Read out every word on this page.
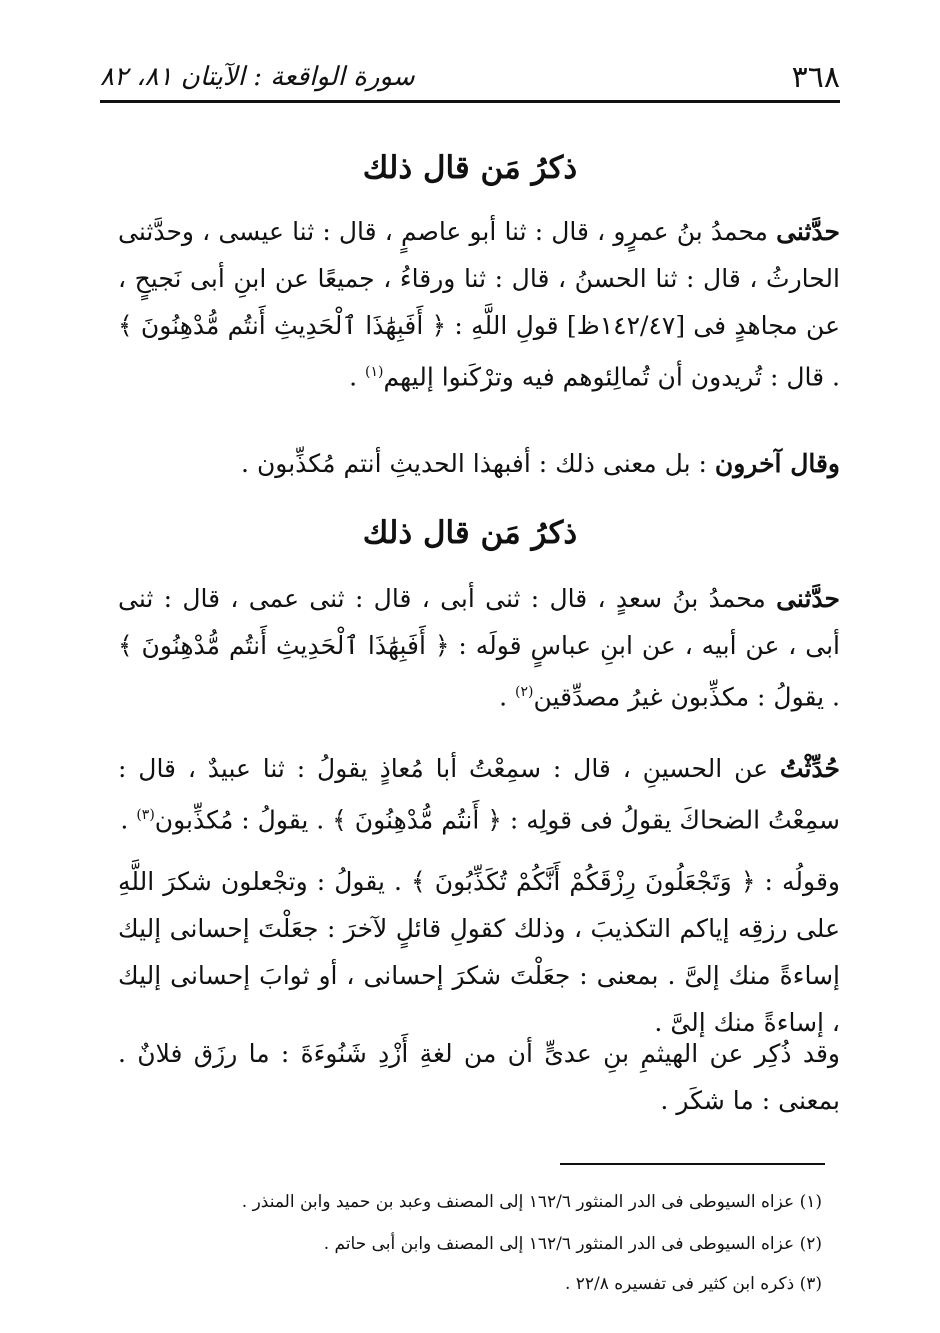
٣٦٨
سورة الواقعة : الآيتان ٨١، ٨٢
ذكرُ مَن قال ذلك

حدَّثنى محمدُ بنُ عمرٍو ، قال : ثنا أبو عاصمٍ ، قال : ثنا عيسى ، وحدَّثنى الحارثُ ، قال : ثنا الحسنُ ، قال : ثنا ورقاءُ ، جميعًا عن ابنِ أبى نَجيحٍ ، عن مجاهدٍ فى [١٤٢/٤٧ظ] قولِ اللَّهِ : ﴿ أَفَبِهَٰذَا ٱلْحَدِيثِ أَنتُم مُّدْهِنُونَ ﴾ . قال : تُريدون أن تُمالِئوهم فيه وترْكَنوا إليهم$^{(١)}$ .

وقال آخرون : بل معنى ذلك : أفبهذا الحديثِ أنتم مُكذِّبون .

ذكرُ مَن قال ذلك

حدَّثنى محمدُ بنُ سعدٍ ، قال : ثنى أبى ، قال : ثنى عمى ، قال : ثنى أبى ، عن أبيه ، عن ابنِ عباسٍ قولَه : ﴿ أَفَبِهَٰذَا ٱلْحَدِيثِ أَنتُم مُّدْهِنُونَ ﴾ . يقولُ : مكذِّبون غيرُ مصدِّقين$^{(٢)}$ .

حُدِّثْتُ عن الحسينِ ، قال : سمِعْتُ أبا مُعاذٍ يقولُ : ثنا عبيدٌ ، قال : سمِعْتُ الضحاكَ يقولُ فى قولِه : ﴿ أَنتُم مُّدْهِنُونَ ﴾ . يقولُ : مُكذِّبون$^{(٣)}$ .

وقولُه : ﴿ وَتَجْعَلُونَ رِزْقَكُمْ أَنَّكُمْ تُكَذِّبُونَ ﴾ . يقولُ : وتجْعلون شكرَ اللَّهِ على رزقِه إياكم التكذيبَ ، وذلك كقولِ قائلٍ لآخرَ : جعَلْتَ إحسانى إليك إساءةً منك إلىَّ . بمعنى : جعَلْتَ شكرَ إحسانى ، أو ثوابَ إحسانى إليك ، إساءةً منك إلىَّ .

وقد ذُكِر عن الهيثمِ بنِ عدىٍّ أن من لغةِ أَزْدِ شَنُوءَةَ : ما رزَق فلانٌ . بمعنى : ما شكَر .

(١) عزاه السيوطى فى الدر المنثور ١٦٢/٦ إلى المصنف وعبد بن حميد وابن المنذر .
(٢) عزاه السيوطى فى الدر المنثور ١٦٢/٦ إلى المصنف وابن أبى حاتم .
(٣) ذكره ابن كثير فى تفسيره ٢٢/٨ .
